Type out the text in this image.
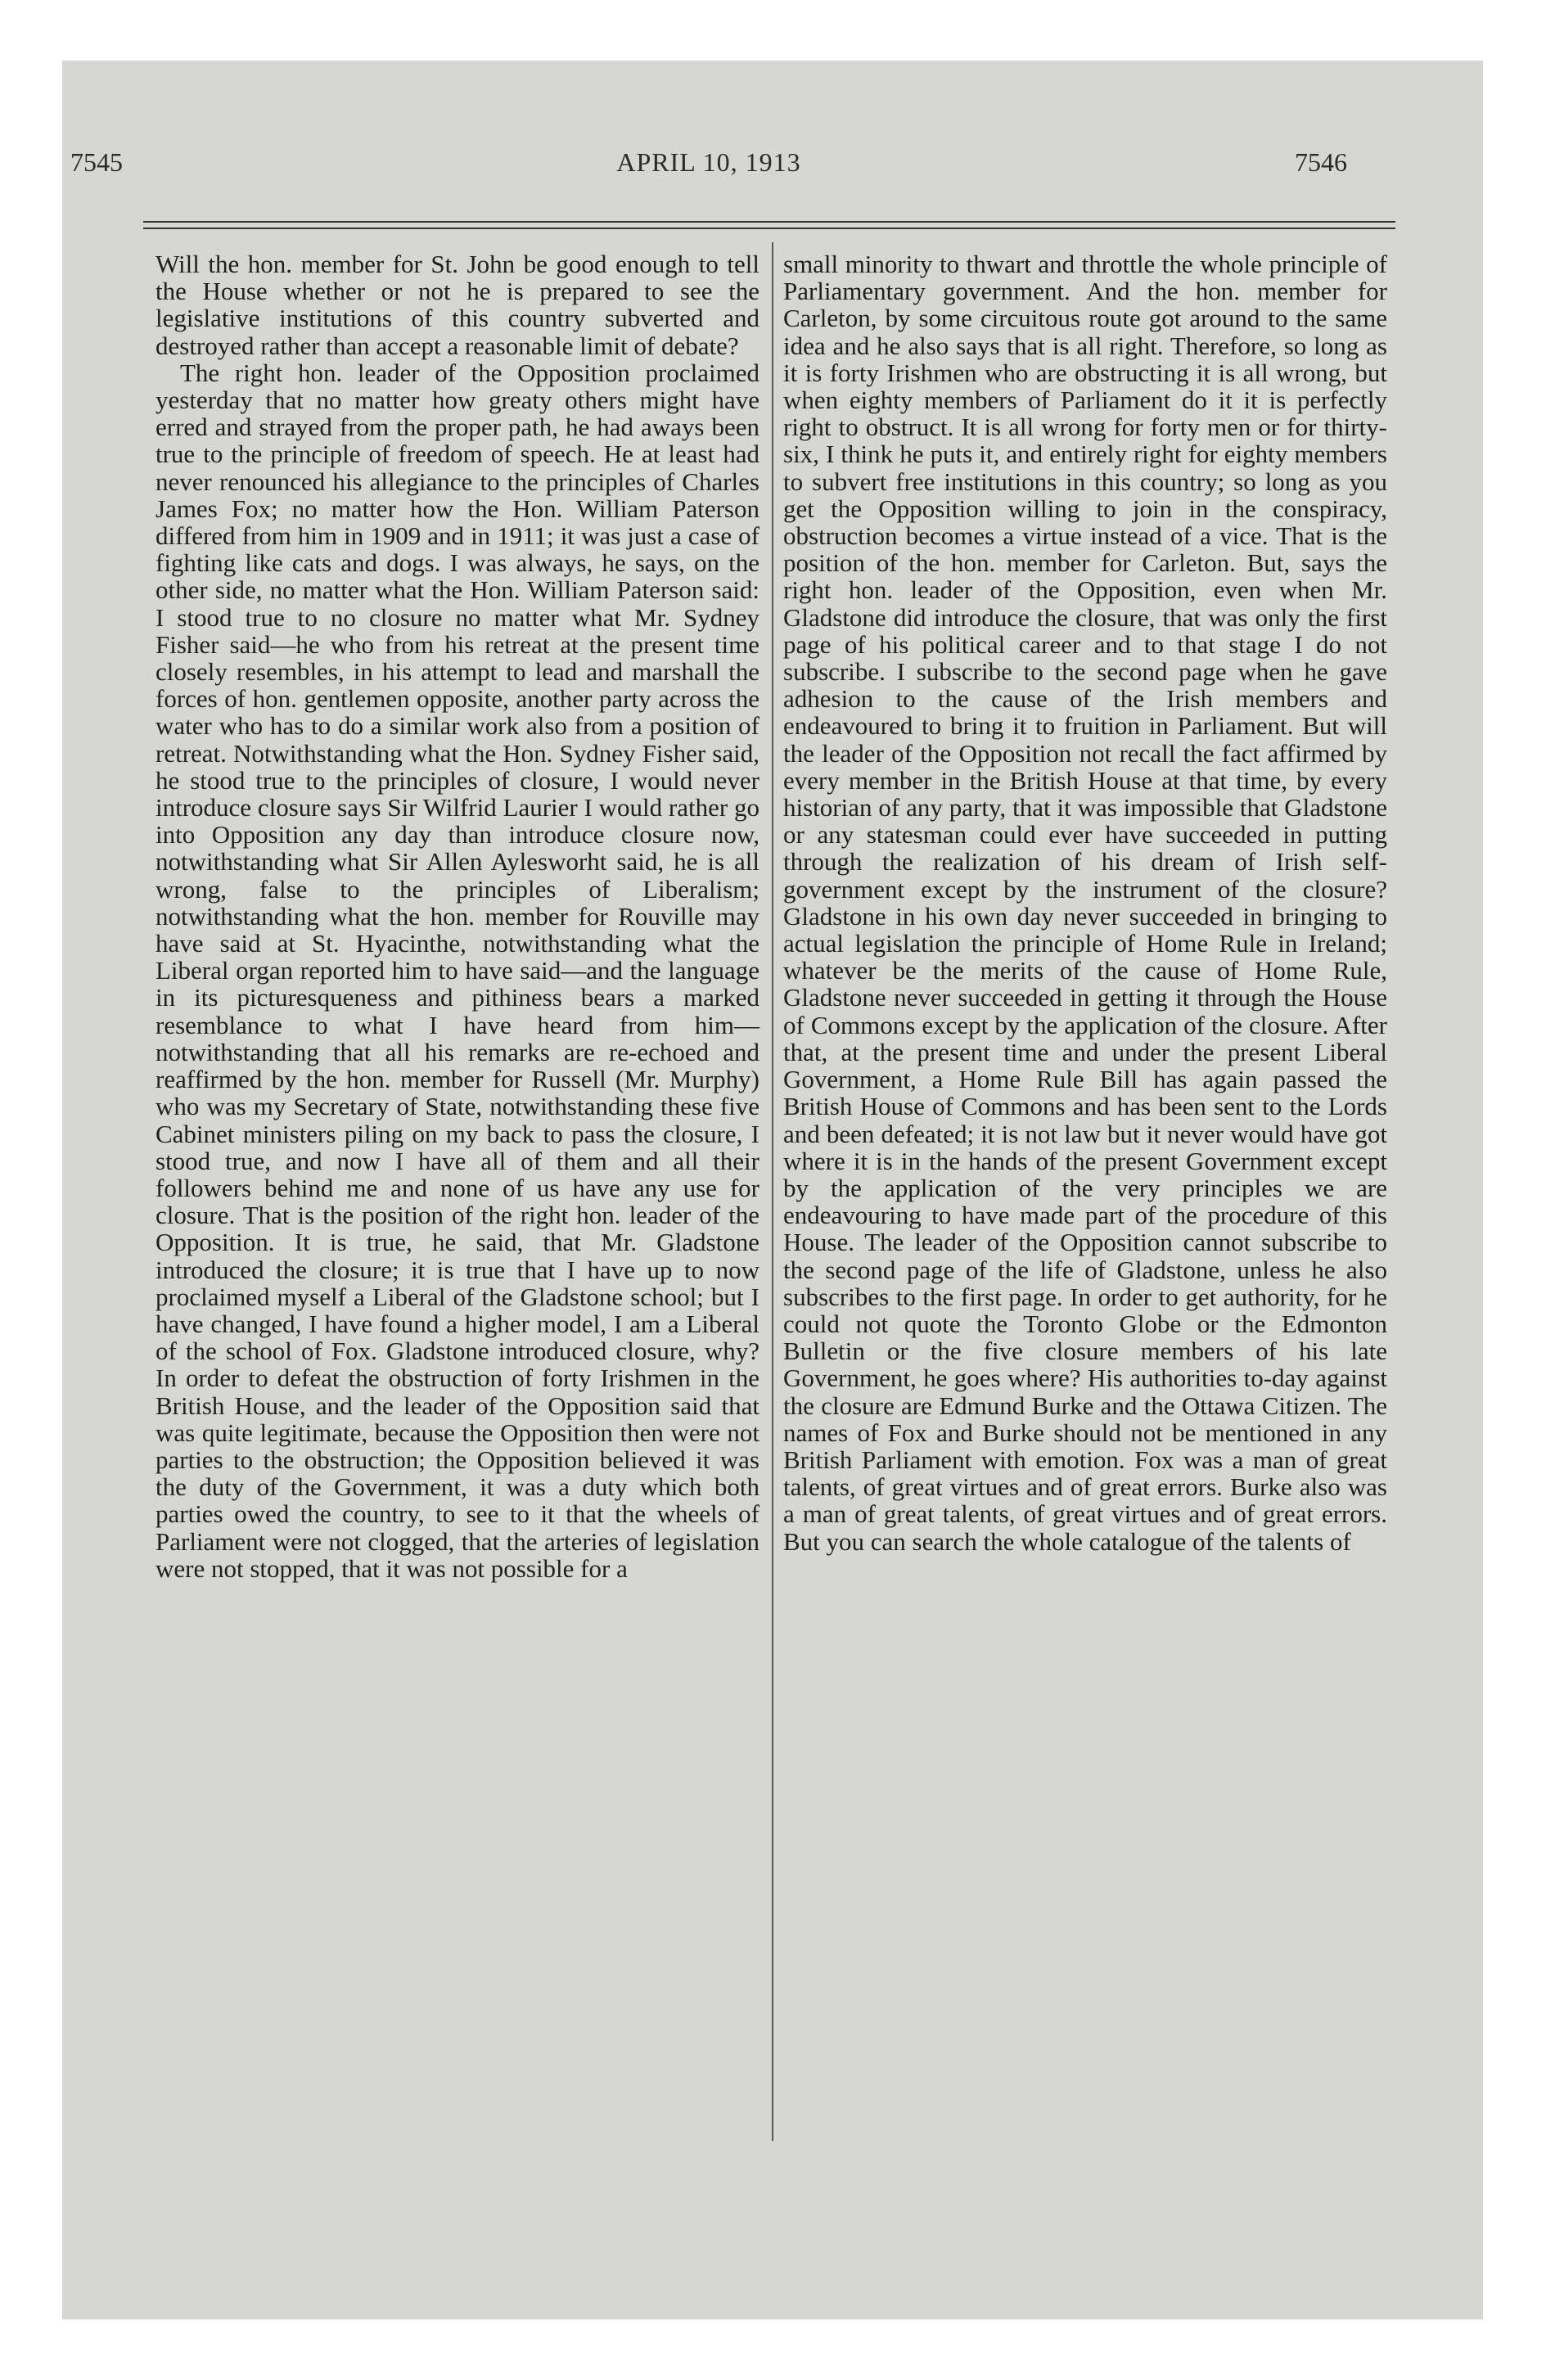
7545	APRIL 10, 1913	7546

Will the hon. member for St. John be good enough to tell the House whether or not he is prepared to see the legislative institutions of this country subverted and destroyed rather than accept a reasonable limit of debate?

The right hon. leader of the Opposition proclaimed yesterday that no matter how greaty others might have erred and strayed from the proper path, he had aways been true to the principle of freedom of speech. He at least had never renounced his allegiance to the principles of Charles James Fox; no matter how the Hon. William Paterson differed from him in 1909 and in 1911; it was just a case of fighting like cats and dogs. I was always, he says, on the other side, no matter what the Hon. William Paterson said: I stood true to no closure no matter what Mr. Sydney Fisher said—he who from his retreat at the present time closely resembles, in his attempt to lead and marshall the forces of hon. gentlemen opposite, another party across the water who has to do a similar work also from a position of retreat. Notwithstanding what the Hon. Sydney Fisher said, he stood true to the principles of closure, I would never introduce closure says Sir Wilfrid Laurier I would rather go into Opposition any day than introduce closure now, notwithstanding what Sir Allen Aylesworht said, he is all wrong, false to the principles of Liberalism; notwithstanding what the hon. member for Rouville may have said at St. Hyacinthe, notwithstanding what the Liberal organ reported him to have said—and the language in its picturesqueness and pithiness bears a marked resemblance to what I have heard from him—notwithstanding that all his remarks are re-echoed and reaffirmed by the hon. member for Russell (Mr. Murphy) who was my Secretary of State, notwithstanding these five Cabinet ministers piling on my back to pass the closure, I stood true, and now I have all of them and all their followers behind me and none of us have any use for closure. That is the position of the right hon. leader of the Opposition. It is true, he said, that Mr. Gladstone introduced the closure; it is true that I have up to now proclaimed myself a Liberal of the Gladstone school; but I have changed, I have found a higher model, I am a Liberal of the school of Fox. Gladstone introduced closure, why? In order to defeat the obstruction of forty Irishmen in the British House, and the leader of the Opposition said that was quite legitimate, because the Opposition then were not parties to the obstruction; the Opposition believed it was the duty of the Government, it was a duty which both parties owed the country, to see to it that the wheels of Parliament were not clogged, that the arteries of legislation were not stopped, that it was not possible for a

small minority to thwart and throttle the whole principle of Parliamentary government. And the hon. member for Carleton, by some circuitous route got around to the same idea and he also says that is all right. Therefore, so long as it is forty Irishmen who are obstructing it is all wrong, but when eighty members of Parliament do it it is perfectly right to obstruct. It is all wrong for forty men or for thirty-six, I think he puts it, and entirely right for eighty members to subvert free institutions in this country; so long as you get the Opposition willing to join in the conspiracy, obstruction becomes a virtue instead of a vice. That is the position of the hon. member for Carleton. But, says the right hon. leader of the Opposition, even when Mr. Gladstone did introduce the closure, that was only the first page of his political career and to that stage I do not subscribe. I subscribe to the second page when he gave adhesion to the cause of the Irish members and endeavoured to bring it to fruition in Parliament. But will the leader of the Opposition not recall the fact affirmed by every member in the British House at that time, by every historian of any party, that it was impossible that Gladstone or any statesman could ever have succeeded in putting through the realization of his dream of Irish self-government except by the instrument of the closure? Gladstone in his own day never succeeded in bringing to actual legislation the principle of Home Rule in Ireland; whatever be the merits of the cause of Home Rule, Gladstone never succeeded in getting it through the House of Commons except by the application of the closure. After that, at the present time and under the present Liberal Government, a Home Rule Bill has again passed the British House of Commons and has been sent to the Lords and been defeated; it is not law but it never would have got where it is in the hands of the present Government except by the application of the very principles we are endeavouring to have made part of the procedure of this House. The leader of the Opposition cannot subscribe to the second page of the life of Gladstone, unless he also subscribes to the first page. In order to get authority, for he could not quote the Toronto Globe or the Edmonton Bulletin or the five closure members of his late Government, he goes where? His authorities to-day against the closure are Edmund Burke and the Ottawa Citizen. The names of Fox and Burke should not be mentioned in any British Parliament with emotion. Fox was a man of great talents, of great virtues and of great errors. Burke also was a man of great talents, of great virtues and of great errors. But you can search the whole catalogue of the talents of
